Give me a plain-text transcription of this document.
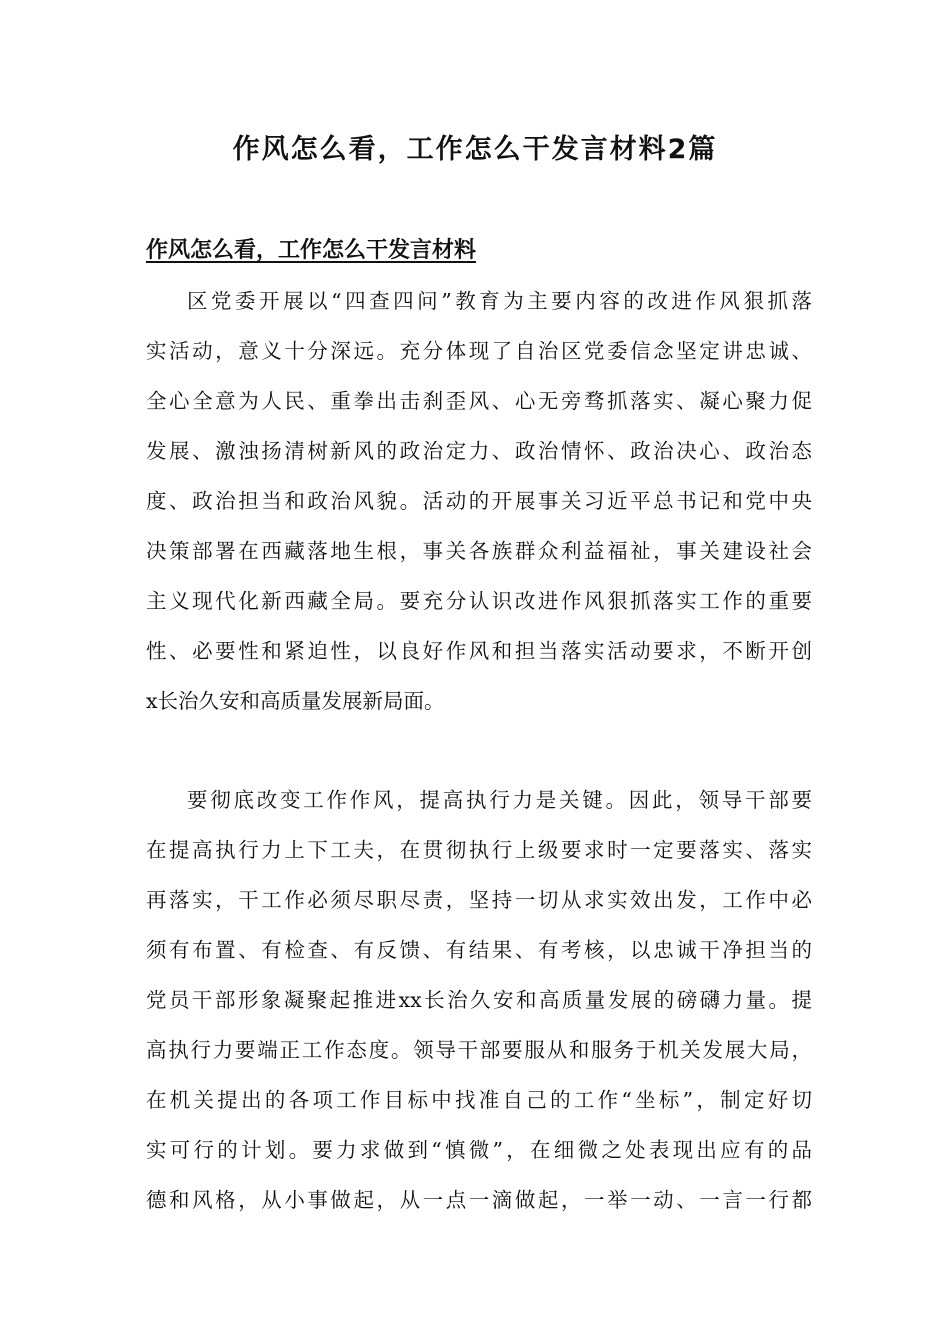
作风怎么看，工作怎么干发言材料2篇
作风怎么看，工作怎么干发言材料

区党委开展以“四查四问”教育为主要内容的改进作风狠抓落

实活动，意义十分深远。充分体现了自治区党委信念坚定讲忠诚、

全心全意为人民、重拳出击刹歪风、心无旁骛抓落实、凝心聚力促

发展、激浊扬清树新风的政治定力、政治情怀、政治决心、政治态

度、政治担当和政治风貌。活动的开展事关习近平总书记和党中央

决策部署在西藏落地生根，事关各族群众利益福祉，事关建设社会

主义现代化新西藏全局。要充分认识改进作风狠抓落实工作的重要

性、必要性和紧迫性，以良好作风和担当落实活动要求，不断开创

x长治久安和高质量发展新局面。

要彻底改变工作作风，提高执行力是关键。因此，领导干部要

在提高执行力上下工夫，在贯彻执行上级要求时一定要落实、落实

再落实，干工作必须尽职尽责，坚持一切从求实效出发，工作中必

须有布置、有检查、有反馈、有结果、有考核，以忠诚干净担当的

党员干部形象凝聚起推进xx长治久安和高质量发展的磅礴力量。提

高执行力要端正工作态度。领导干部要服从和服务于机关发展大局，

在机关提出的各项工作目标中找准自己的工作“坐标”，制定好切

实可行的计划。要力求做到“慎微”，在细微之处表现出应有的品

德和风格，从小事做起，从一点一滴做起，一举一动、一言一行都
